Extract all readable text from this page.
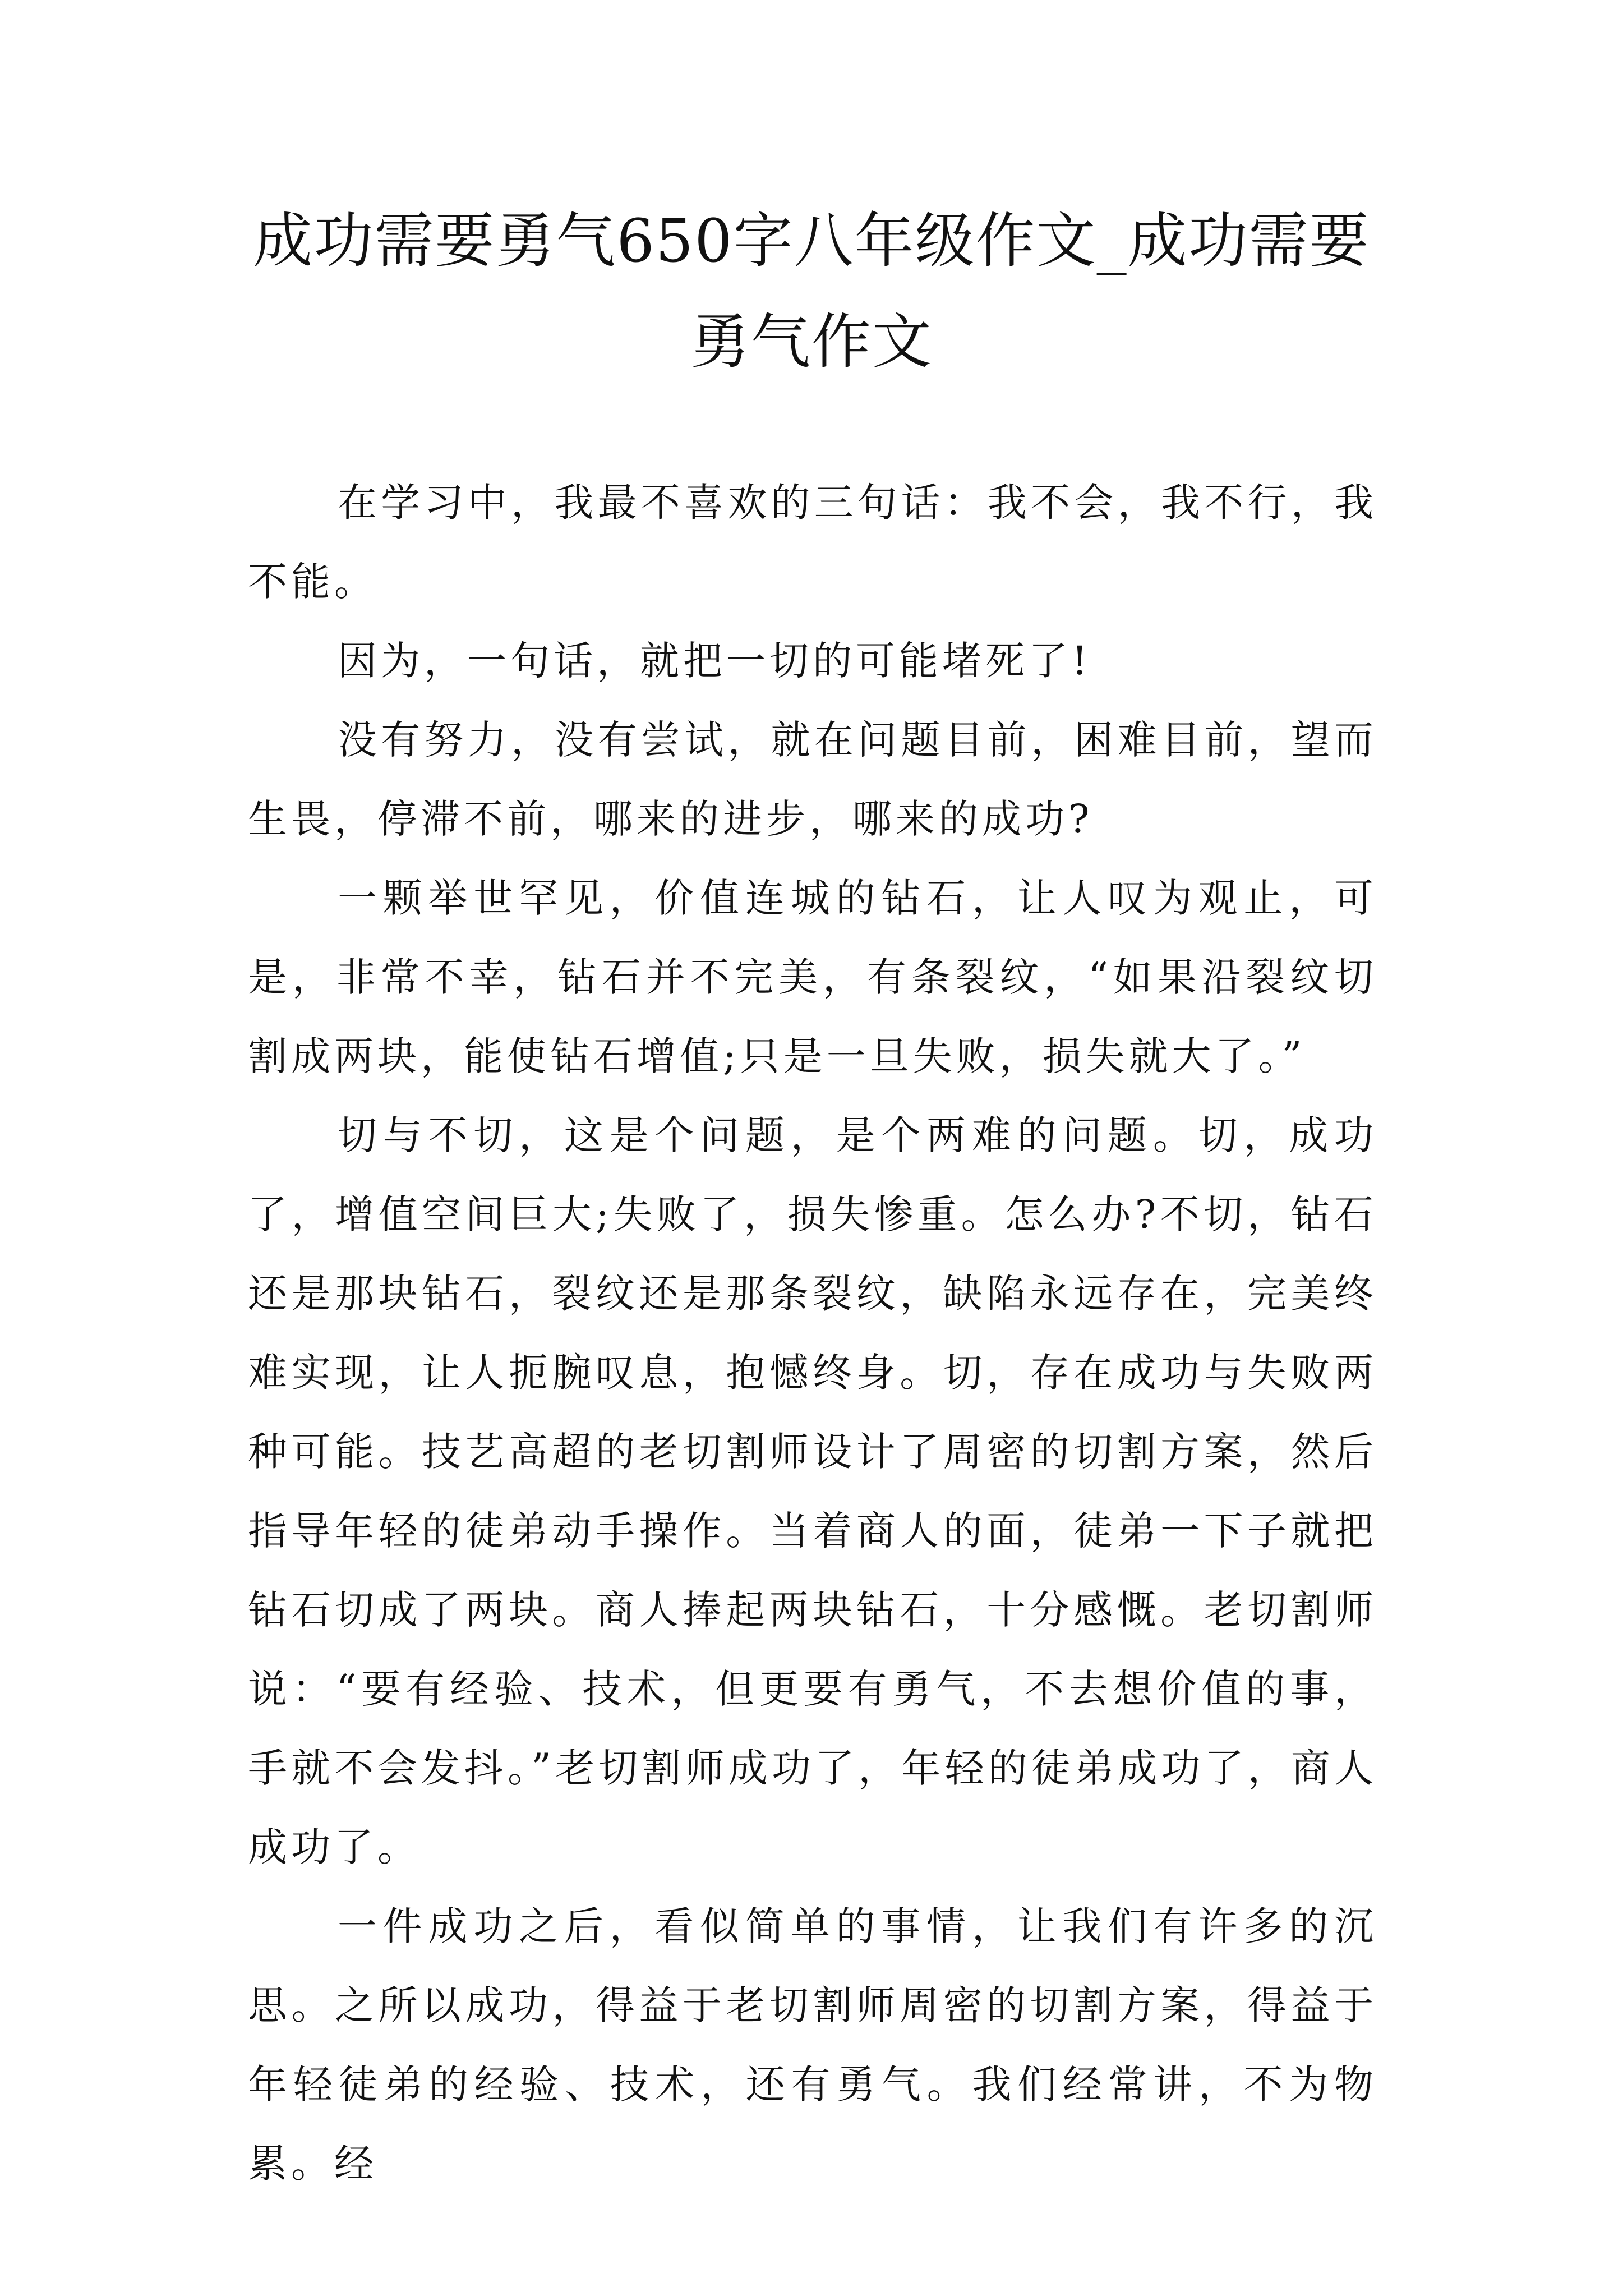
成功需要勇气650字八年级作文_成功需要勇气作文

在学习中，我最不喜欢的三句话：我不会，我不行，我不能。

因为，一句话，就把一切的可能堵死了!

没有努力，没有尝试，就在问题目前，困难目前，望而生畏，停滞不前，哪来的进步，哪来的成功?

一颗举世罕见，价值连城的钻石，让人叹为观止，可是，非常不幸，钻石并不完美，有条裂纹，“如果沿裂纹切割成两块，能使钻石增值;只是一旦失败，损失就大了。”

切与不切，这是个问题，是个两难的问题。切，成功了，增值空间巨大;失败了，损失惨重。怎么办?不切，钻石还是那块钻石，裂纹还是那条裂纹，缺陷永远存在，完美终难实现，让人扼腕叹息，抱憾终身。切，存在成功与失败两种可能。技艺高超的老切割师设计了周密的切割方案，然后指导年轻的徒弟动手操作。当着商人的面，徒弟一下子就把钻石切成了两块。商人捧起两块钻石，十分感慨。老切割师说：“要有经验、技术，但更要有勇气，不去想价值的事，手就不会发抖。”老切割师成功了，年轻的徒弟成功了，商人成功了。

一件成功之后，看似简单的事情，让我们有许多的沉思。之所以成功，得益于老切割师周密的切割方案，得益于年轻徒弟的经验、技术，还有勇气。我们经常讲，不为物累。经
